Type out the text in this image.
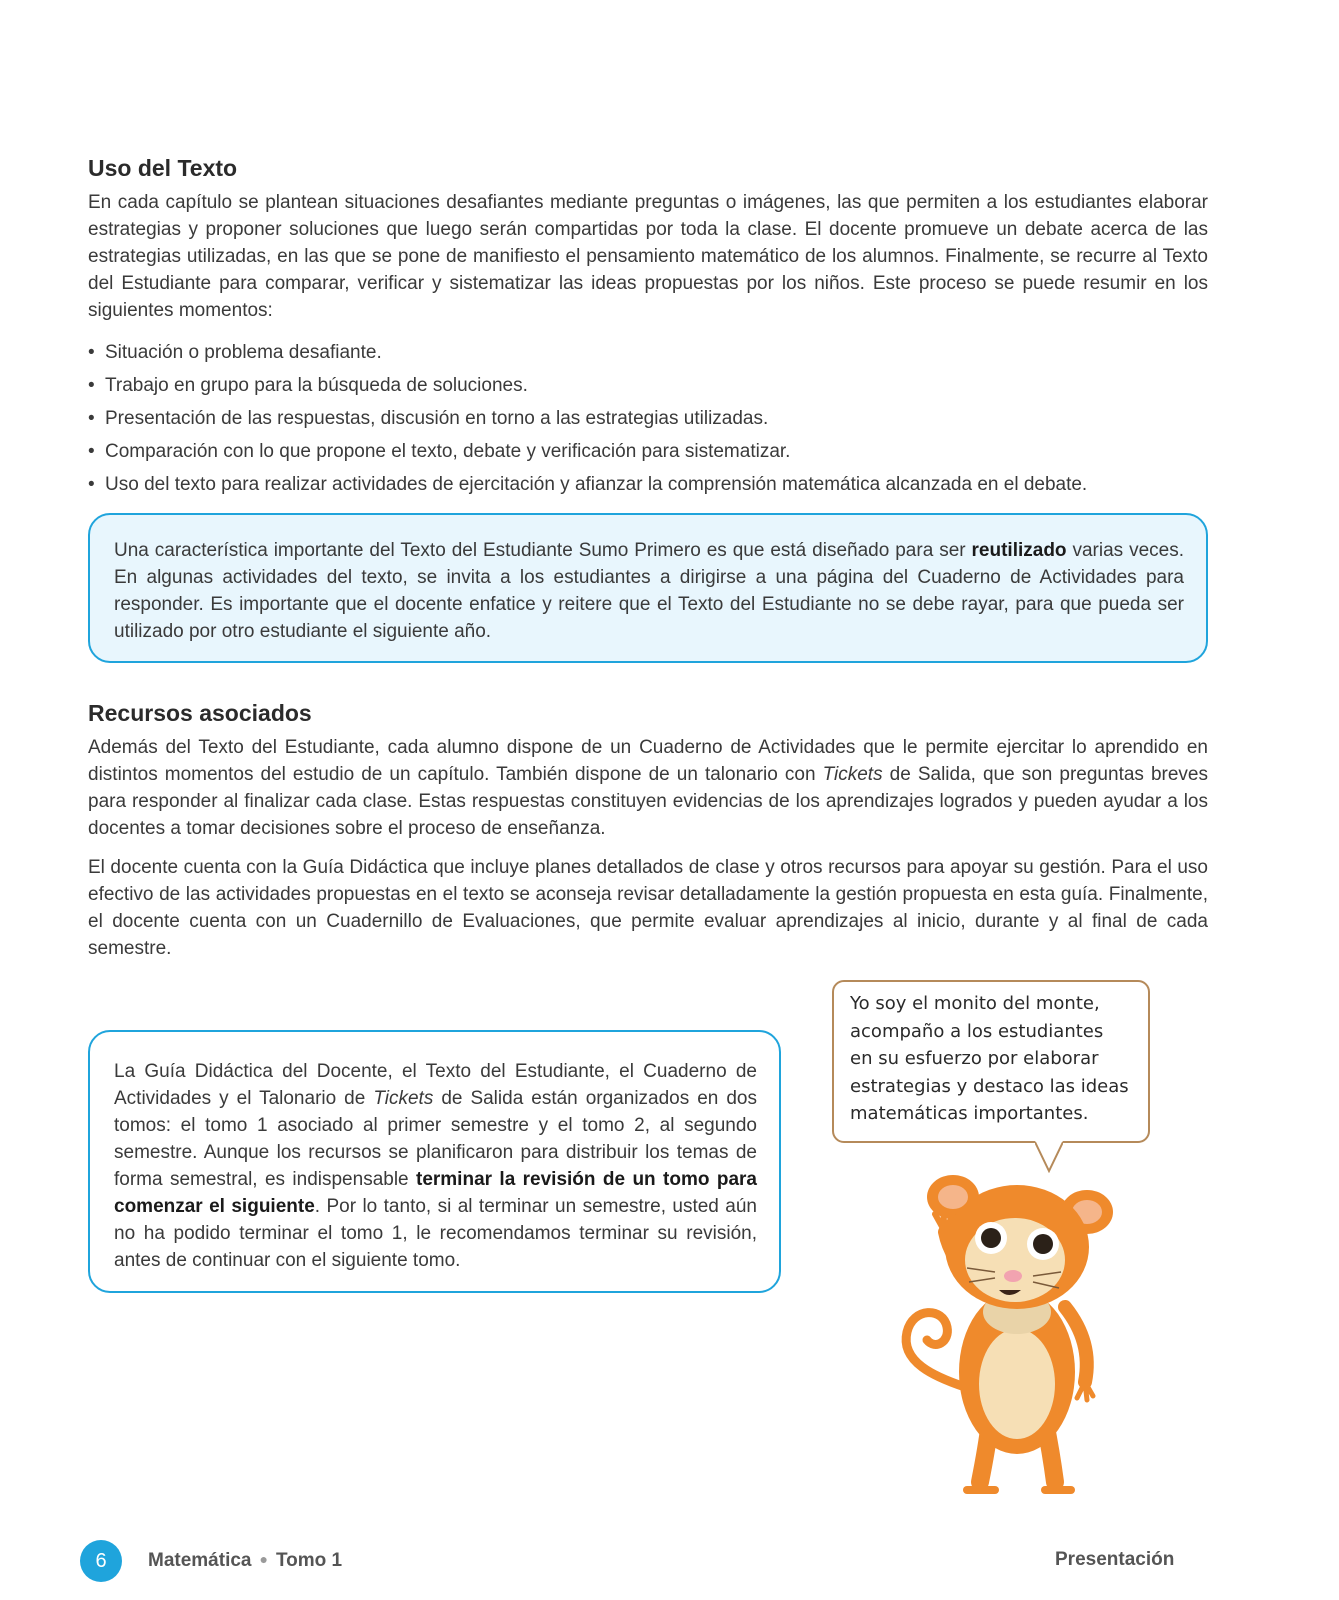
Uso del Texto

En cada capítulo se plantean situaciones desafiantes mediante preguntas o imágenes, las que permiten a los estudiantes elaborar estrategias y proponer soluciones que luego serán compartidas por toda la clase. El docente promueve un debate acerca de las estrategias utilizadas, en las que se pone de manifiesto el pensamiento matemático de los alumnos. Finalmente, se recurre al Texto del Estudiante para comparar, verificar y sistematizar las ideas propuestas por los niños. Este proceso se puede resumir en los siguientes momentos:

• Situación o problema desafiante.
• Trabajo en grupo para la búsqueda de soluciones.
• Presentación de las respuestas, discusión en torno a las estrategias utilizadas.
• Comparación con lo que propone el texto, debate y verificación para sistematizar.
• Uso del texto para realizar actividades de ejercitación y afianzar la comprensión matemática alcanzada en el debate.

Una característica importante del Texto del Estudiante Sumo Primero es que está diseñado para ser reutilizado varias veces. En algunas actividades del texto, se invita a los estudiantes a dirigirse a una página del Cuaderno de Actividades para responder. Es importante que el docente enfatice y reitere que el Texto del Estudiante no se debe rayar, para que pueda ser utilizado por otro estudiante el siguiente año.

Recursos asociados

Además del Texto del Estudiante, cada alumno dispone de un Cuaderno de Actividades que le permite ejercitar lo aprendido en distintos momentos del estudio de un capítulo. También dispone de un talonario con Tickets de Salida, que son preguntas breves para responder al finalizar cada clase. Estas respuestas constituyen evidencias de los aprendizajes logrados y pueden ayudar a los docentes a tomar decisiones sobre el proceso de enseñanza.

El docente cuenta con la Guía Didáctica que incluye planes detallados de clase y otros recursos para apoyar su gestión. Para el uso efectivo de las actividades propuestas en el texto se aconseja revisar detalladamente la gestión propuesta en esta guía. Finalmente, el docente cuenta con un Cuadernillo de Evaluaciones, que permite evaluar aprendizajes al inicio, durante y al final de cada semestre.

La Guía Didáctica del Docente, el Texto del Estudiante, el Cuaderno de Actividades y el Talonario de Tickets de Salida están organizados en dos tomos: el tomo 1 asociado al primer semestre y el tomo 2, al segundo semestre. Aunque los recursos se planificaron para distribuir los temas de forma semestral, es indispensable terminar la revisión de un tomo para comenzar el siguiente. Por lo tanto, si al terminar un semestre, usted aún no ha podido terminar el tomo 1, le recomendamos terminar su revisión, antes de continuar con el siguiente tomo.

Yo soy el monito del monte,
acompaño a los estudiantes
en su esfuerzo por elaborar
estrategias y destaco las ideas
matemáticas importantes.
6	Matemática ● Tomo 1	Presentación
